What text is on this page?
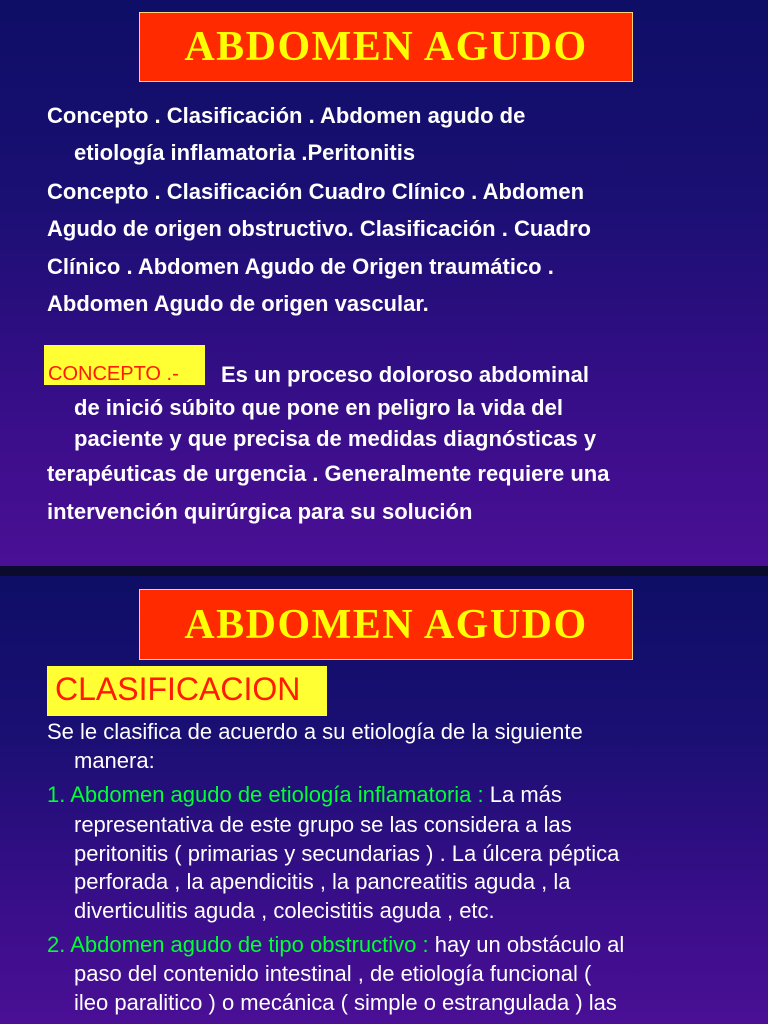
ABDOMEN AGUDO
Concepto . Clasificación . Abdomen agudo de
etiología inflamatoria .Peritonitis
Concepto . Clasificación Cuadro Clínico . Abdomen
Agudo de origen obstructivo. Clasificación . Cuadro
Clínico . Abdomen Agudo de Origen traumático .
Abdomen Agudo de origen vascular.
CONCEPTO .- Es un proceso doloroso abdominal
de inició súbito que pone en peligro la vida del
paciente y que precisa de medidas diagnósticas y
terapéuticas de urgencia . Generalmente requiere una
intervención quirúrgica para su solución
ABDOMEN AGUDO
CLASIFICACION
Se le clasifica de acuerdo a su etiología de la siguiente
manera:
1. Abdomen agudo de etiología inflamatoria : La más
representativa de este grupo se las considera a las
peritonitis ( primarias y secundarias ) . La úlcera péptica
perforada , la apendicitis , la pancreatitis aguda , la
diverticulitis aguda , colecistitis aguda , etc.
2. Abdomen agudo de tipo obstructivo : hay un obstáculo al
paso del contenido intestinal , de etiología funcional (
ileo paralitico ) o mecánica ( simple o estrangulada ) las
